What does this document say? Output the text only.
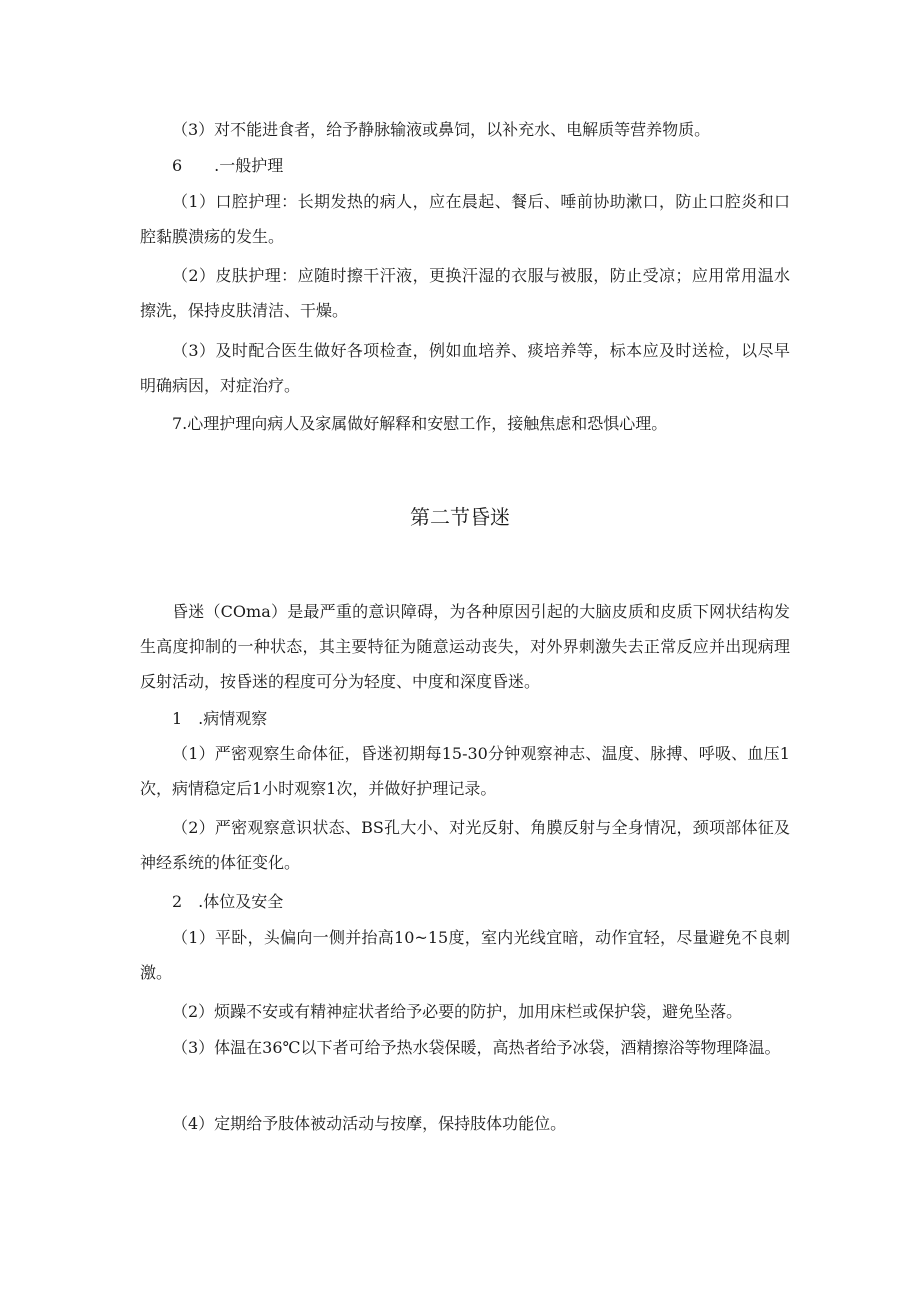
（3）对不能进食者，给予静脉输液或鼻饲，以补充水、电解质等营养物质。

6　　.一般护理

（1）口腔护理：长期发热的病人，应在晨起、餐后、唾前协助漱口，防止口腔炎和口腔黏膜溃疡的发生。

（2）皮肤护理：应随时擦干汗液，更换汗湿的衣服与被服，防止受凉；应用常用温水擦洗，保持皮肤清洁、干燥。

（3）及时配合医生做好各项检查，例如血培养、痰培养等，标本应及时送检，以尽早明确病因，对症治疗。

7.心理护理向病人及家属做好解释和安慰工作，接触焦虑和恐惧心理。

第二节昏迷

昏迷（COma）是最严重的意识障碍，为各种原因引起的大脑皮质和皮质下网状结构发生高度抑制的一种状态，其主要特征为随意运动丧失，对外界刺激失去正常反应并出现病理反射活动，按昏迷的程度可分为轻度、中度和深度昏迷。

1　.病情观察

（1）严密观察生命体征，昏迷初期每15-30分钟观察神志、温度、脉搏、呼吸、血压1次，病情稳定后1小时观察1次，并做好护理记录。

（2）严密观察意识状态、BS孔大小、对光反射、角膜反射与全身情况，颈项部体征及神经系统的体征变化。

2　.体位及安全

（1）平卧，头偏向一侧并抬高10~15度，室内光线宜暗，动作宜轻，尽量避免不良刺激。

（2）烦躁不安或有精神症状者给予必要的防护，加用床栏或保护袋，避免坠落。

（3）体温在36℃以下者可给予热水袋保暖，高热者给予冰袋，酒精擦浴等物理降温。

（4）定期给予肢体被动活动与按摩，保持肢体功能位。
